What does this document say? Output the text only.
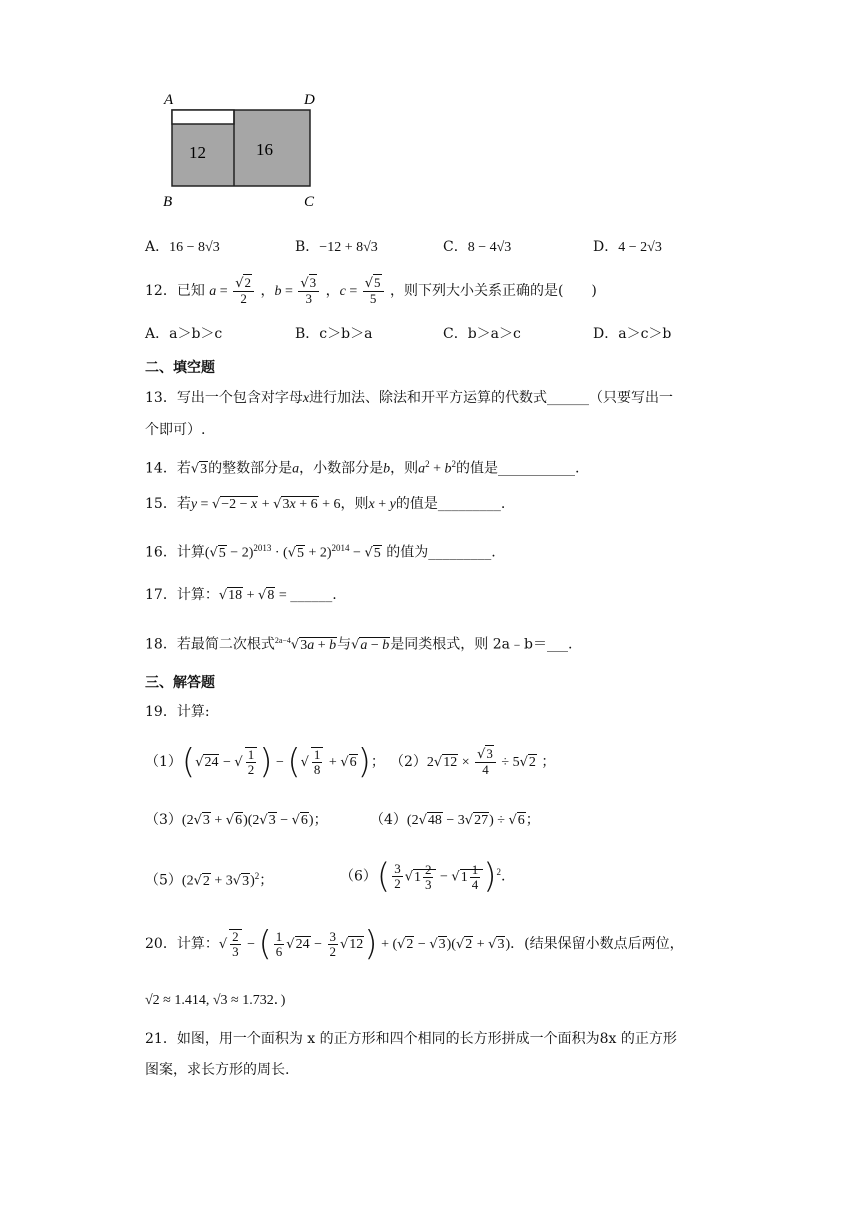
A	D
B	C
12	16
A．16 − 8√3	B．−12 + 8√3	C．8 − 4√3	D．4 − 2√3
12．已知 $a = \frac{√2}{2}$ ，$b = \frac{√3}{3}$ ，$c = \frac{√5}{5}$ ，则下列大小关系正确的是(　　)
A．a＞b＞c	B．c＞b＞a	C．b＞a＞c	D．a＞c＞b
二、填空题
13．写出一个包含对字母x进行加法、除法和开平方运算的代数式______（只要写出一
个即可）.
14．若√3的整数部分是a，小数部分是b，则$a^2 + b^2$的值是___________.
15．若y = √−2 − x + √3x + 6 + 6，则x + y的值是_________.
16．计算$(√5 - 2)^{2013} \cdot (√5 + 2)^{2014} - √5$ 的值为_________.
17．计算：√18 + √8 = ______.
18．若最简二次根式$^{2a-4}$√3a + b与√a − b是同类根式，则 2a﹣b＝___.
三、解答题
19．计算:
（1）(√24 − √ $\frac{1}{2}$ ) − (√ $\frac{1}{8} + √6$)； $(2)2√12 \times \frac{√3}{4} \div 5√2$ ；
（3）(2√3 + √6)(2√3 − √6)；	（4）(2√48 − 3√27) ÷ √6；
$(5)(2√2 + 3√3)^2$；	$(6)( \frac{3}{2} √1 \frac{2}{3} - √1 \frac{1}{4} )^2$.
20．计算：√ $\frac{2}{3}$ − ( $\frac{1}{6} √24 - \frac{3}{2} √12) + (√2 - √3)(√2 + √3)$．(结果保留小数点后两位，
√2 ≈ 1.414, √3 ≈ 1.732．)
21．如图，用一个面积为 x 的正方形和四个相同的长方形拼成一个面积为8x 的正方形
图案，求长方形的周长.
